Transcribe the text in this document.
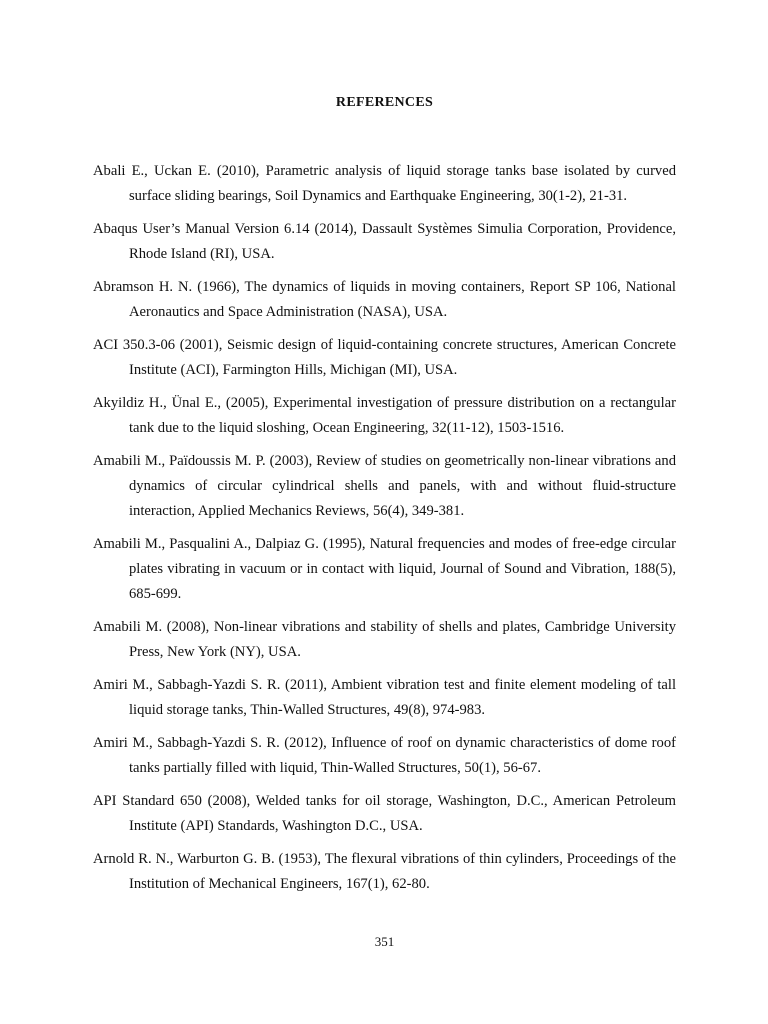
REFERENCES

Abali E., Uckan E. (2010), Parametric analysis of liquid storage tanks base isolated by curved surface sliding bearings, Soil Dynamics and Earthquake Engineering, 30(1-2), 21-31.

Abaqus User’s Manual Version 6.14 (2014), Dassault Systèmes Simulia Corporation, Providence, Rhode Island (RI), USA.

Abramson H. N. (1966), The dynamics of liquids in moving containers, Report SP 106, National Aeronautics and Space Administration (NASA), USA.

ACI 350.3-06 (2001), Seismic design of liquid-containing concrete structures, American Concrete Institute (ACI), Farmington Hills, Michigan (MI), USA.

Akyildiz H., Ünal E., (2005), Experimental investigation of pressure distribution on a rectangular tank due to the liquid sloshing, Ocean Engineering, 32(11-12), 1503-1516.

Amabili M., Païdoussis M. P. (2003), Review of studies on geometrically non-linear vibrations and dynamics of circular cylindrical shells and panels, with and without fluid-structure interaction, Applied Mechanics Reviews, 56(4), 349-381.

Amabili M., Pasqualini A., Dalpiaz G. (1995), Natural frequencies and modes of free-edge circular plates vibrating in vacuum or in contact with liquid, Journal of Sound and Vibration, 188(5), 685-699.

Amabili M. (2008), Non-linear vibrations and stability of shells and plates, Cambridge University Press, New York (NY), USA.

Amiri M., Sabbagh-Yazdi S. R. (2011), Ambient vibration test and finite element modeling of tall liquid storage tanks, Thin-Walled Structures, 49(8), 974-983.

Amiri M., Sabbagh-Yazdi S. R. (2012), Influence of roof on dynamic characteristics of dome roof tanks partially filled with liquid, Thin-Walled Structures, 50(1), 56-67.

API Standard 650 (2008), Welded tanks for oil storage, Washington, D.C., American Petroleum Institute (API) Standards, Washington D.C., USA.

Arnold R. N., Warburton G. B. (1953), The flexural vibrations of thin cylinders, Proceedings of the Institution of Mechanical Engineers, 167(1), 62-80.

351
